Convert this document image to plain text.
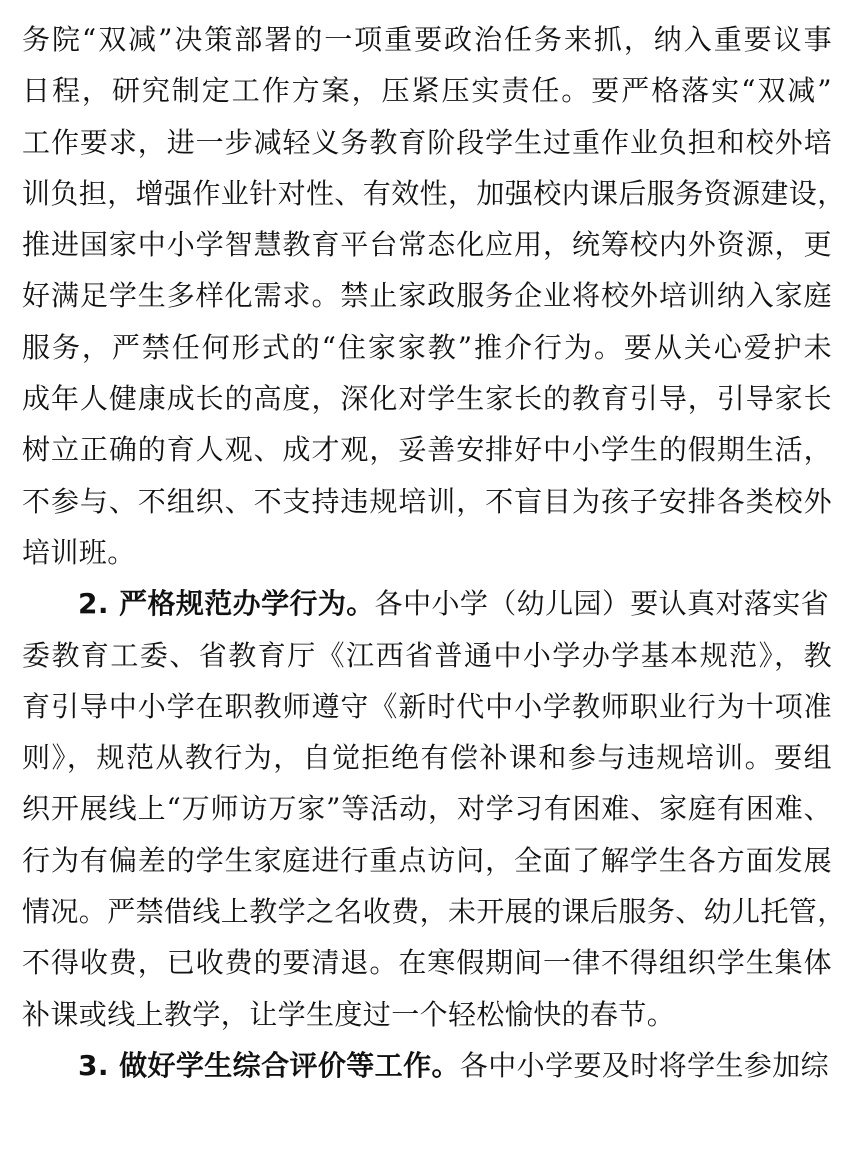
务院“双减”决策部署的一项重要政治任务来抓，纳入重要议事
日程，研究制定工作方案，压紧压实责任。要严格落实“双减”
工作要求，进一步减轻义务教育阶段学生过重作业负担和校外培
训负担，增强作业针对性、有效性，加强校内课后服务资源建设，
推进国家中小学智慧教育平台常态化应用，统筹校内外资源，更
好满足学生多样化需求。禁止家政服务企业将校外培训纳入家庭
服务，严禁任何形式的“住家家教”推介行为。要从关心爱护未
成年人健康成长的高度，深化对学生家长的教育引导，引导家长
树立正确的育人观、成才观，妥善安排好中小学生的假期生活，
不参与、不组织、不支持违规培训，不盲目为孩子安排各类校外
培训班。
2. 严格规范办学行为。各中小学（幼儿园）要认真对落实省
委教育工委、省教育厅《江西省普通中小学办学基本规范》，教
育引导中小学在职教师遵守《新时代中小学教师职业行为十项准
则》，规范从教行为，自觉拒绝有偿补课和参与违规培训。要组
织开展线上“万师访万家”等活动，对学习有困难、家庭有困难、
行为有偏差的学生家庭进行重点访问，全面了解学生各方面发展
情况。严禁借线上教学之名收费，未开展的课后服务、幼儿托管，
不得收费，已收费的要清退。在寒假期间一律不得组织学生集体
补课或线上教学，让学生度过一个轻松愉快的春节。
3. 做好学生综合评价等工作。各中小学要及时将学生参加综
